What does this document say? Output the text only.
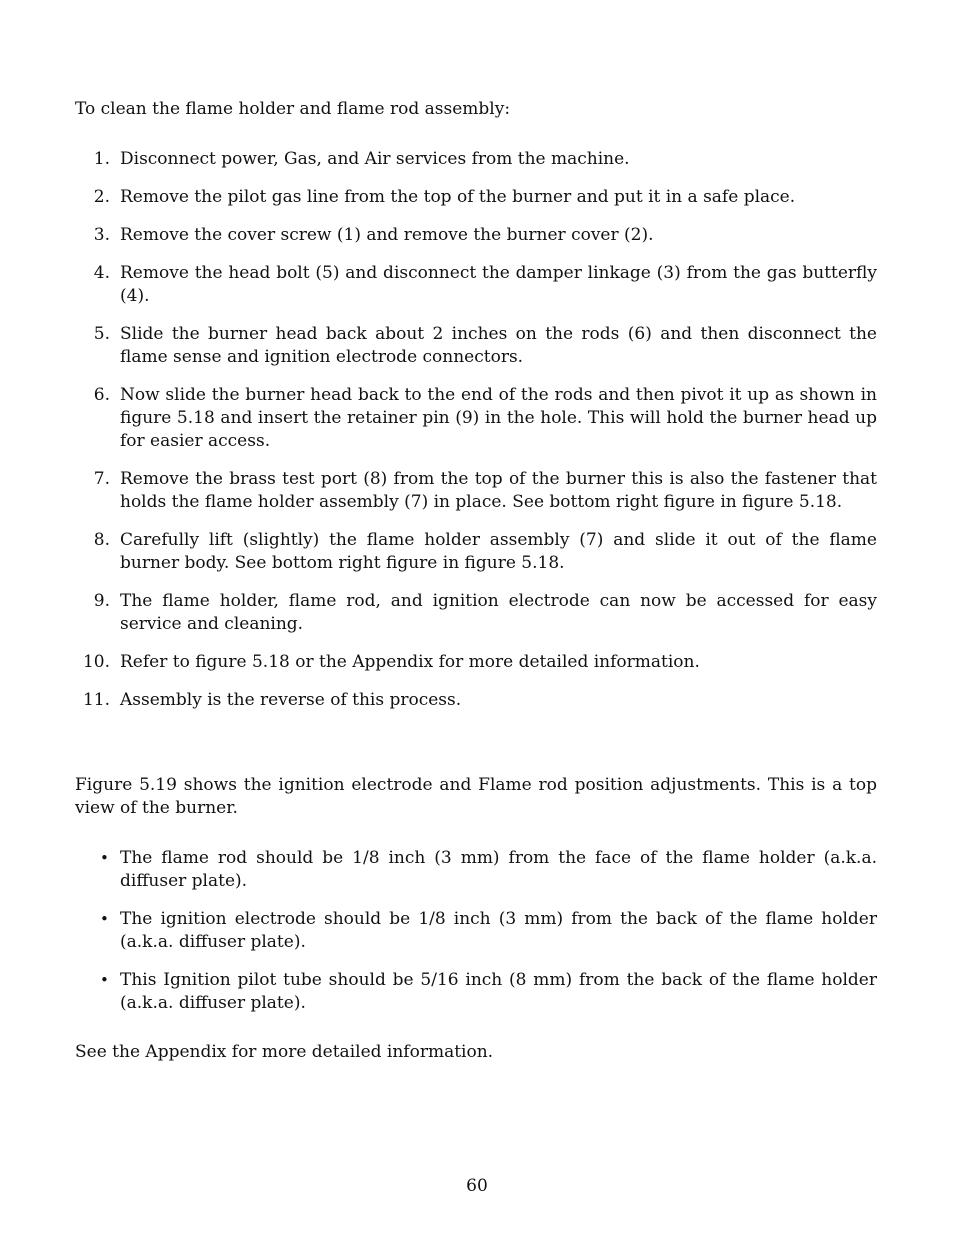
To clean the flame holder and flame rod assembly:

1. Disconnect power, Gas, and Air services from the machine.
2. Remove the pilot gas line from the top of the burner and put it in a safe place.
3. Remove the cover screw (1) and remove the burner cover (2).
4. Remove the head bolt (5) and disconnect the damper linkage (3) from the gas butterfly (4).
5. Slide the burner head back about 2 inches on the rods (6) and then disconnect the flame sense and ignition electrode connectors.
6. Now slide the burner head back to the end of the rods and then pivot it up as shown in figure 5.18 and insert the retainer pin (9) in the hole. This will hold the burner head up for easier access.
7. Remove the brass test port (8) from the top of the burner this is also the fastener that holds the flame holder assembly (7) in place. See bottom right figure in figure 5.18.
8. Carefully lift (slightly) the flame holder assembly (7) and slide it out of the flame burner body. See bottom right figure in figure 5.18.
9. The flame holder, flame rod, and ignition electrode can now be accessed for easy service and cleaning.
10. Refer to figure 5.18 or the Appendix for more detailed information.
11. Assembly is the reverse of this process.

Figure 5.19 shows the ignition electrode and Flame rod position adjustments. This is a top view of the burner.

• The flame rod should be 1/8 inch (3 mm) from the face of the flame holder (a.k.a. diffuser plate).
• The ignition electrode should be 1/8 inch (3 mm) from the back of the flame holder (a.k.a. diffuser plate).
• This Ignition pilot tube should be 5/16 inch (8 mm) from the back of the flame holder (a.k.a. diffuser plate).

See the Appendix for more detailed information.

60
